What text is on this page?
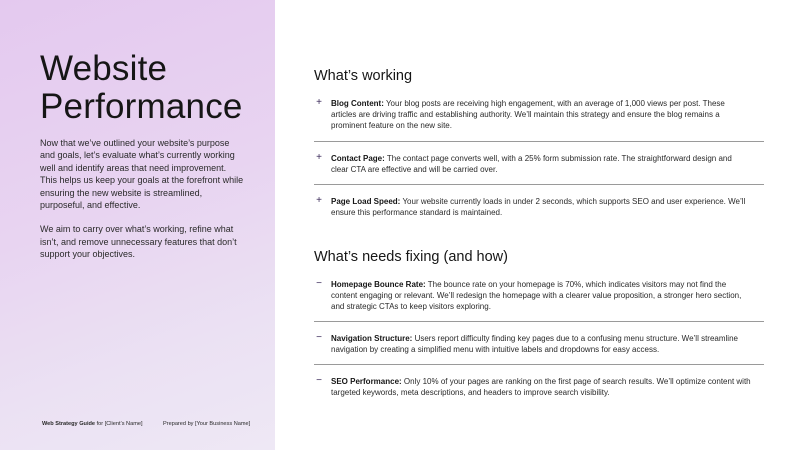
Website
Performance

Now that we’ve outlined your website’s purpose and goals, let’s evaluate what’s currently working well and identify areas that need improvement. This helps us keep your goals at the forefront while ensuring the new website is streamlined, purposeful, and effective.

We aim to carry over what’s working, refine what isn’t, and remove unnecessary features that don’t support your objectives.

Web Strategy Guide for [Client’s Name]	Prepared by [Your Business Name]
What’s working
+ Blog Content: Your blog posts are receiving high engagement, with an average of 1,000 views per post. These articles are driving traffic and establishing authority. We’ll maintain this strategy and ensure the blog remains a prominent feature on the new site.
+ Contact Page: The contact page converts well, with a 25% form submission rate. The straightforward design and clear CTA are effective and will be carried over.
+ Page Load Speed: Your website currently loads in under 2 seconds, which supports SEO and user experience. We’ll ensure this performance standard is maintained.
What’s needs fixing (and how)
− Homepage Bounce Rate: The bounce rate on your homepage is 70%, which indicates visitors may not find the content engaging or relevant. We’ll redesign the homepage with a clearer value proposition, a stronger hero section, and strategic CTAs to keep visitors exploring.
− Navigation Structure: Users report difficulty finding key pages due to a confusing menu structure. We’ll streamline navigation by creating a simplified menu with intuitive labels and dropdowns for easy access.
− SEO Performance: Only 10% of your pages are ranking on the first page of search results. We’ll optimize content with targeted keywords, meta descriptions, and headers to improve search visibility.
